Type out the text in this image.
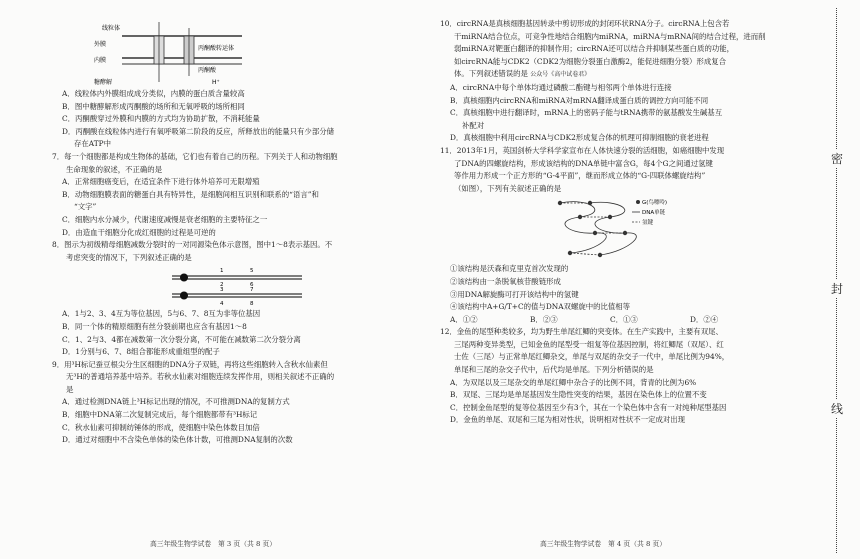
线粒体
外膜
内膜
丙酮酸转运体
丙酮酸
糖酵解	H⁺

A．线粒体内外膜组成成分类似，内膜的蛋白质含量较高

B．图中糖酵解形成丙酮酸的场所和无氧呼吸的场所相同

C．丙酮酸穿过外膜和内膜的方式均为协助扩散，不消耗能量

D．丙酮酸在线粒体内进行有氧呼吸第二阶段的反应，所释放出的能量只有少部分储

存在ATP中

7．每一个细胞都是构成生物体的基础，它们也有着自己的历程。下列关于人和动物细胞

生命现象的叙述，不正确的是

A．正常细胞癌变后，在适宜条件下进行体外培养可无限增殖

B．动物细胞膜表面的糖蛋白具有特异性，是细胞间相互识别和联系的“语言”和

“文字”

C．细胞内水分减少，代谢速度减慢是衰老细胞的主要特征之一

D．由造血干细胞分化成红细胞的过程是可逆的

8．图示为初级精母细胞减数分裂时的一对同源染色体示意图，图中1～8表示基因。不

考虑突变的情况下，下列叙述正确的是

1
2
3
4
5
6
7
8

A．1与2、3、4互为等位基因，5与6、7、8互为非等位基因

B．同一个体的精原细胞有丝分裂前期也应含有基因1～8

C．1、2与3、4都在减数第一次分裂分离，不可能在减数第二次分裂分离

D．1分别与6、7、8组合都能形成重组型的配子

9．用³H标记蚕豆根尖分生区细胞的DNA分子双链，再将这些细胞转入含秋水仙素但

无³H的普通培养基中培养。若秋水仙素对细胞连续发挥作用，则相关叙述不正确的

是

A．通过检测DNA链上³H标记出现的情况，不可推测DNA的复制方式

B．细胞中DNA第二次复制完成后，每个细胞都带有³H标记

C．秋水仙素可抑制纺锤体的形成，使细胞中染色体数目加倍

D．通过对细胞中不含染色单体的染色体计数，可推测DNA复制的次数

高三年级生物学试卷　第 3 页（共 8 页）

10．circRNA是真核细胞基因转录中剪切形成的封闭环状RNA分子。circRNA上包含若

干miRNA结合位点，可竞争性地结合细胞内miRNA，miRNA与mRNA间的结合过程，进而削

弱miRNA对靶蛋白翻译的抑制作用；circRNA还可以结合并抑制某些蛋白质的功能，

如circRNA能与CDK2（CDK2为细胞分裂蛋白激酶2，能促进细胞分裂）形成复合

体。下列叙述错误的是 公众号《高中试卷君》

A．circRNA中每个单体均通过磷酸二酯键与相邻两个单体进行连接

B．真核细胞内circRNA和miRNA对mRNA翻译成蛋白质的调控方向可能不同

C．真核细胞中进行翻译时，mRNA上的密码子能与tRNA携带的氨基酸发生碱基互

补配对

D．真核细胞中利用circRNA与CDK2形成复合体的机理可抑制细胞的衰老进程

11．2013年1月，英国剑桥大学科学家宣布在人体快速分裂的活细胞，如癌细胞中发现

了DNA的四螺旋结构，形成该结构的DNA单链中富含G，每4个G之间通过氢键

等作用力形成一个正方形的“G-4平面”，继而形成立体的“G-四联体螺旋结构”

（如图），下列有关叙述正确的是

G(鸟嘌呤)
DNA单链
氢键

①该结构是沃森和克里克首次发现的

②该结构由一条脱氧核苷酸链形成

③用DNA解旋酶可打开该结构中的氢键

④该结构中A+G/T+C的值与DNA双螺旋中的比值相等

A．①②	B．②③	C．①③	D．②④

12．金鱼的尾型种类较多，均为野生单尾红鲫的突变体。在生产实践中，主要有双尾、

三尾两种变异类型，已知金鱼的尾型受一组复等位基因控制，将红鲫尾（双尾）、红

士佐（三尾）与正常单尾红鲫杂交，单尾与双尾的杂交子一代中，单尾比例为94%，

单尾和三尾的杂交子代中，后代均是单尾。下列分析错误的是

A．为双尾以及三尾杂交的单尾红鲫中杂合子的比例不同，背青的比例为6%

B．双尾、三尾均是单尾基因发生隐性突变的结果，基因在染色体上的位置不变

C．控制金鱼尾型的复等位基因至少有3个，其在一个染色体中含有一对纯种尾型基因

D．金鱼的单尾、双尾和三尾为相对性状，说明相对性状不一定成对出现

高三年级生物学试卷　第 4 页（共 8 页）
密
封
线
